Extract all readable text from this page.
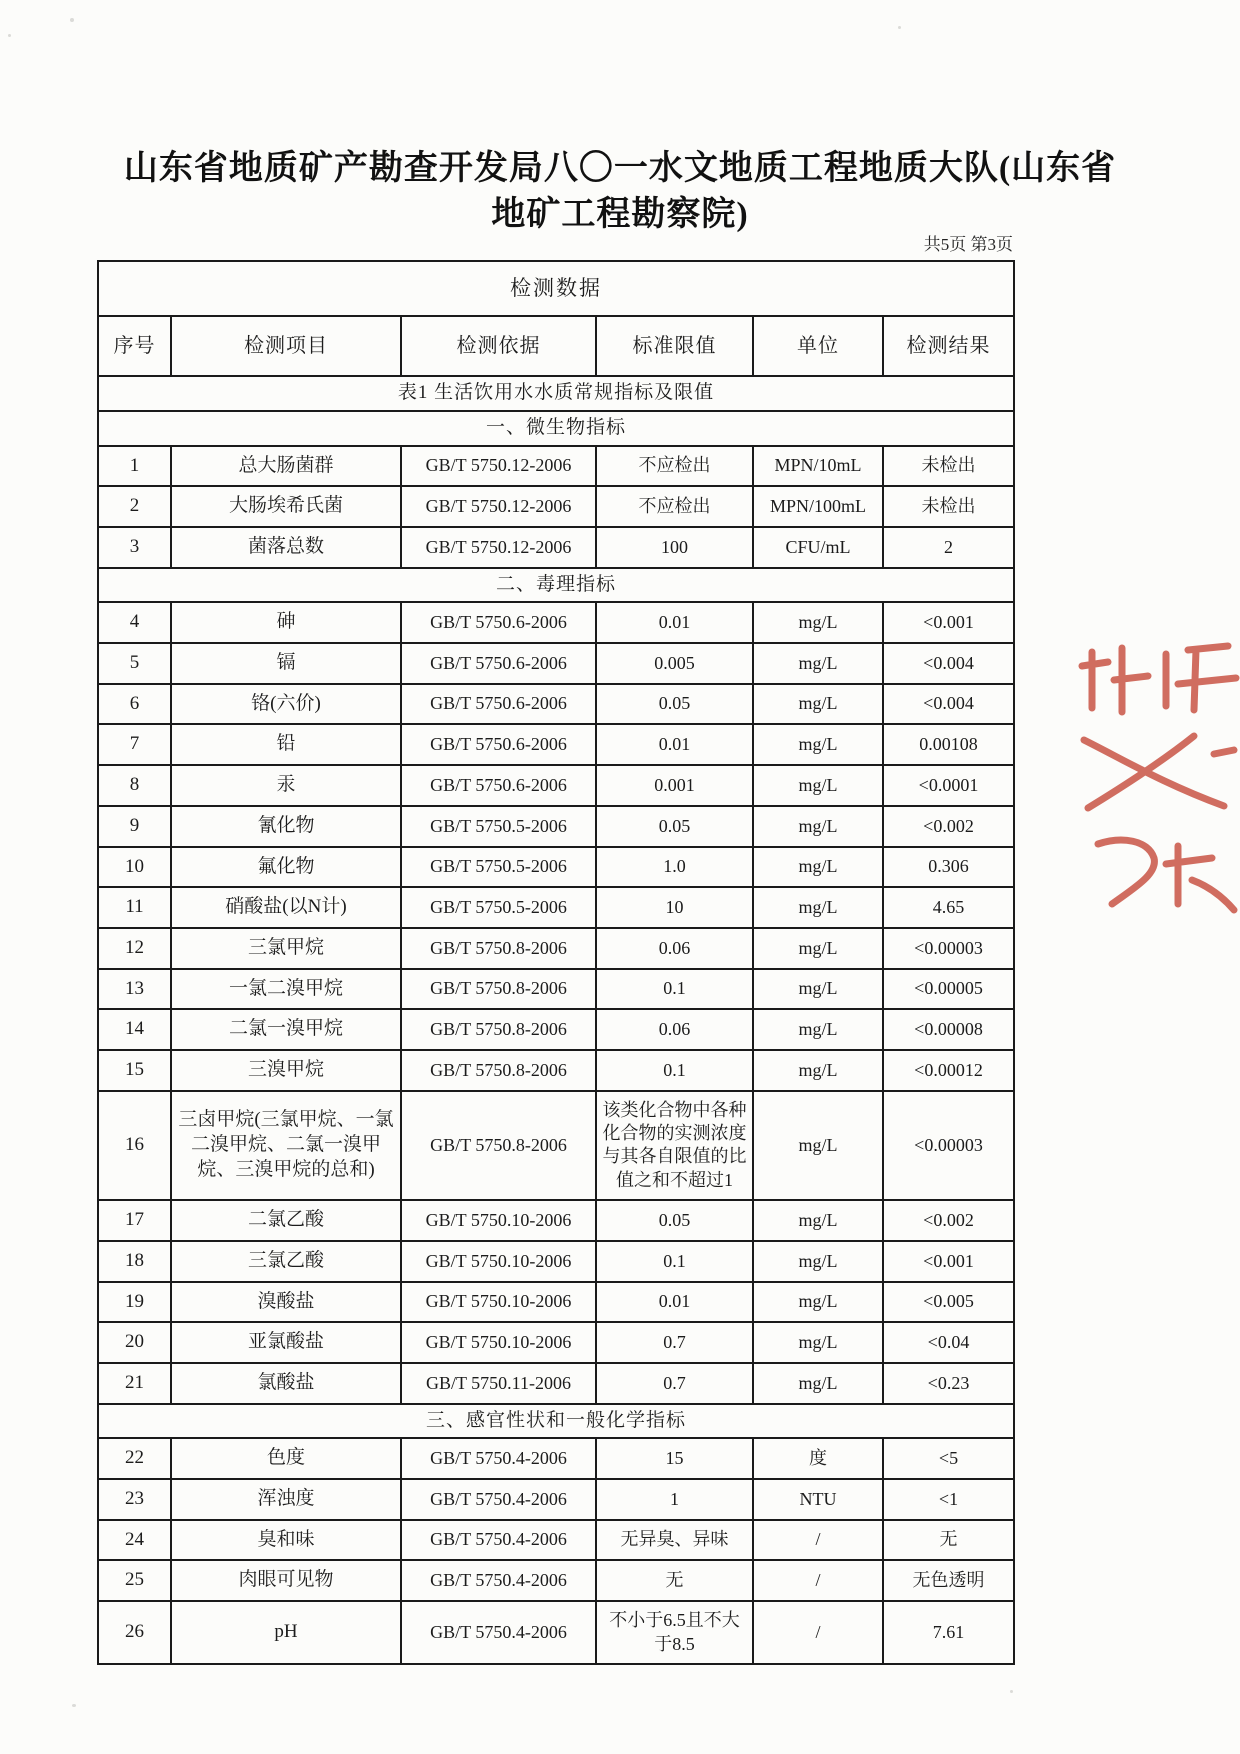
山东省地质矿产勘查开发局八〇一水文地质工程地质大队(山东省地矿工程勘察院)
共5页 第3页
检测数据					
序号	检测项目	检测依据	标准限值	单位	检测结果
表1 生活饮用水水质常规指标及限值					
一、微生物指标					
1	总大肠菌群	GB/T 5750.12-2006	不应检出	MPN/10mL	未检出
2	大肠埃希氏菌	GB/T 5750.12-2006	不应检出	MPN/100mL	未检出
3	菌落总数	GB/T 5750.12-2006	100	CFU/mL	2
二、毒理指标					
4	砷	GB/T 5750.6-2006	0.01	mg/L	<0.001
5	镉	GB/T 5750.6-2006	0.005	mg/L	<0.004
6	铬(六价)	GB/T 5750.6-2006	0.05	mg/L	<0.004
7	铅	GB/T 5750.6-2006	0.01	mg/L	0.00108
8	汞	GB/T 5750.6-2006	0.001	mg/L	<0.0001
9	氰化物	GB/T 5750.5-2006	0.05	mg/L	<0.002
10	氟化物	GB/T 5750.5-2006	1.0	mg/L	0.306
11	硝酸盐(以N计)	GB/T 5750.5-2006	10	mg/L	4.65
12	三氯甲烷	GB/T 5750.8-2006	0.06	mg/L	<0.00003
13	一氯二溴甲烷	GB/T 5750.8-2006	0.1	mg/L	<0.00005
14	二氯一溴甲烷	GB/T 5750.8-2006	0.06	mg/L	<0.00008
15	三溴甲烷	GB/T 5750.8-2006	0.1	mg/L	<0.00012
16	三卤甲烷(三氯甲烷、一氯二溴甲烷、二氯一溴甲烷、三溴甲烷的总和)	GB/T 5750.8-2006	该类化合物中各种化合物的实测浓度与其各自限值的比值之和不超过1	mg/L	<0.00003
17	二氯乙酸	GB/T 5750.10-2006	0.05	mg/L	<0.002
18	三氯乙酸	GB/T 5750.10-2006	0.1	mg/L	<0.001
19	溴酸盐	GB/T 5750.10-2006	0.01	mg/L	<0.005
20	亚氯酸盐	GB/T 5750.10-2006	0.7	mg/L	<0.04
21	氯酸盐	GB/T 5750.11-2006	0.7	mg/L	<0.23
三、感官性状和一般化学指标					
22	色度	GB/T 5750.4-2006	15	度	<5
23	浑浊度	GB/T 5750.4-2006	1	NTU	<1
24	臭和味	GB/T 5750.4-2006	无异臭、异味	/	无
25	肉眼可见物	GB/T 5750.4-2006	无	/	无色透明
26	pH	GB/T 5750.4-2006	不小于6.5且不大于8.5	/	7.61
